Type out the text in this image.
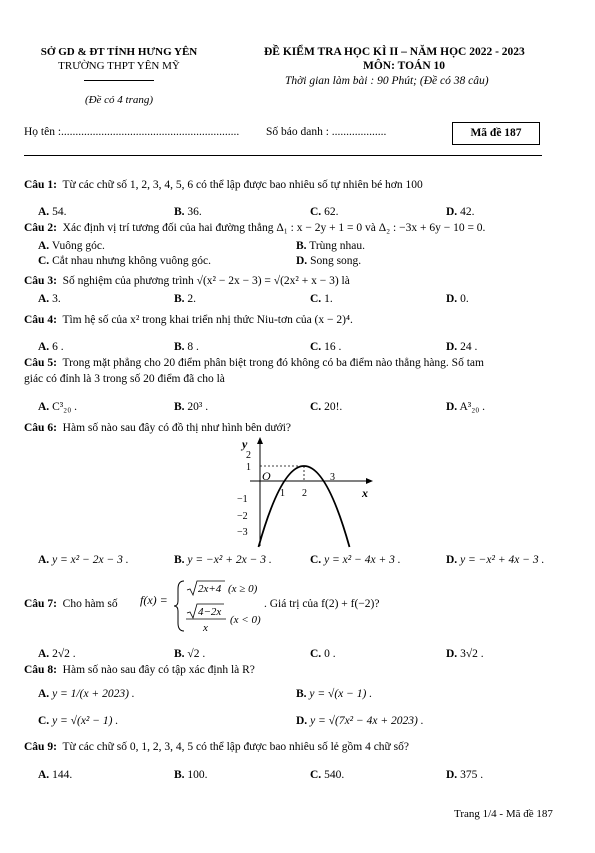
SỞ GD & ĐT TỈNH HƯNG YÊN
TRƯỜNG THPT YÊN MỸ
(Đề có 4 trang)
ĐỀ KIỂM TRA HỌC KÌ II – NĂM HỌC 2022 - 2023
MÔN: TOÁN 10
Thời gian làm bài : 90 Phút; (Đề có 38 câu)
Họ tên :.............................................................. Số báo danh : ...................	Mã đề 187
Câu 1: Từ các chữ số 1, 2, 3, 4, 5, 6 có thể lập được bao nhiêu số tự nhiên bé hơn 100
A. 54.	B. 36.	C. 62.	D. 42.
Câu 2: Xác định vị trí tương đối của hai đường thẳng Δ₁ : x − 2y + 1 = 0 và Δ₂ : −3x + 6y − 10 = 0.
A. Vuông góc.	B. Trùng nhau.
C. Cắt nhau nhưng không vuông góc.	D. Song song.
Câu 3: Số nghiệm của phương trình √(x² − 2x − 3) = √(2x² + x − 3) là
A. 3.	B. 2.	C. 1.	D. 0.
Câu 4: Tìm hệ số của x² trong khai triển nhị thức Niu-tơn của (x − 2)⁴.
A. 6 .	B. 8 .	C. 16 .	D. 24 .
Câu 5: Trong mặt phẳng cho 20 điểm phân biệt trong đó không có ba điểm nào thẳng hàng. Số tam
giác có đỉnh là 3 trong số 20 điểm đã cho là
A. C³₂₀ .	B. 20³ .	C. 20!.	D. A³₂₀ .
Câu 6: Hàm số nào sau đây có đồ thị như hình bên dưới?
y
x
O
2
1
−1
−2
−3
1 2
3
A. y = x² − 2x − 3 .	B. y = −x² + 2x − 3 .	C. y = x² − 4x + 3 .	D. y = −x² + 4x − 3 .
Câu 7: Cho hàm số f(x) =
2x+4 (x ≥ 0)
4−2x
x
(x < 0)
. Giá trị của f(2) + f(−2)?
A. 2√2 .	B. √2 .	C. 0 .	D. 3√2 .
Câu 8: Hàm số nào sau đây có tập xác định là R?
A. y = 1/(x + 2023) .	B. y = √(x − 1) .
C. y = √(x² − 1) .	D. y = √(7x² − 4x + 2023) .
Câu 9: Từ các chữ số 0, 1, 2, 3, 4, 5 có thể lập được bao nhiêu số lẻ gồm 4 chữ số?
A. 144.	B. 100.	C. 540.	D. 375 .
Trang 1/4 - Mã đề 187
